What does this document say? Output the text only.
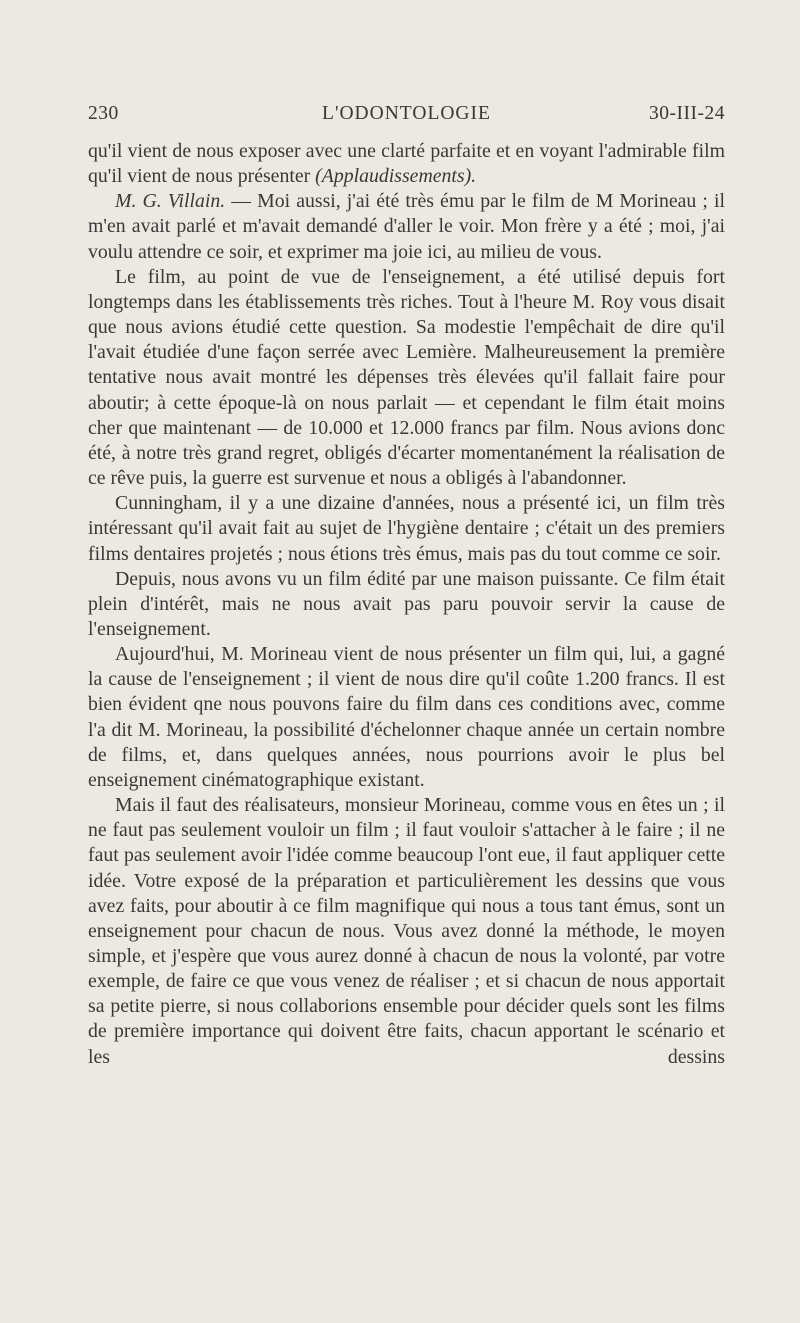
230	L'ODONTOLOGIE	30-III-24

qu'il vient de nous exposer avec une clarté parfaite et en voyant l'admirable film qu'il vient de nous présenter (Applaudissements).

M. G. Villain. — Moi aussi, j'ai été très ému par le film de M Morineau ; il m'en avait parlé et m'avait demandé d'aller le voir. Mon frère y a été ; moi, j'ai voulu attendre ce soir, et exprimer ma joie ici, au milieu de vous.

Le film, au point de vue de l'enseignement, a été utilisé depuis fort longtemps dans les établissements très riches. Tout à l'heure M. Roy vous disait que nous avions étudié cette question. Sa modestie l'empêchait de dire qu'il l'avait étudiée d'une façon serrée avec Lemière. Malheureusement la première tentative nous avait montré les dépenses très élevées qu'il fallait faire pour aboutir; à cette époque-là on nous parlait — et cependant le film était moins cher que maintenant — de 10.000 et 12.000 francs par film. Nous avions donc été, à notre très grand regret, obligés d'écarter momentanément la réalisation de ce rêve puis, la guerre est survenue et nous a obligés à l'abandonner.

Cunningham, il y a une dizaine d'années, nous a présenté ici, un film très intéressant qu'il avait fait au sujet de l'hygiène dentaire ; c'était un des premiers films dentaires projetés ; nous étions très émus, mais pas du tout comme ce soir.

Depuis, nous avons vu un film édité par une maison puissante. Ce film était plein d'intérêt, mais ne nous avait pas paru pouvoir servir la cause de l'enseignement.

Aujourd'hui, M. Morineau vient de nous présenter un film qui, lui, a gagné la cause de l'enseignement ; il vient de nous dire qu'il coûte 1.200 francs. Il est bien évident qne nous pouvons faire du film dans ces conditions avec, comme l'a dit M. Morineau, la possibilité d'échelonner chaque année un certain nombre de films, et, dans quelques années, nous pourrions avoir le plus bel enseignement cinématographique existant.

Mais il faut des réalisateurs, monsieur Morineau, comme vous en êtes un ; il ne faut pas seulement vouloir un film ; il faut vouloir s'attacher à le faire ; il ne faut pas seulement avoir l'idée comme beaucoup l'ont eue, il faut appliquer cette idée. Votre exposé de la préparation et particulièrement les dessins que vous avez faits, pour aboutir à ce film magnifique qui nous a tous tant émus, sont un enseignement pour chacun de nous. Vous avez donné la méthode, le moyen simple, et j'espère que vous aurez donné à chacun de nous la volonté, par votre exemple, de faire ce que vous venez de réaliser ; et si chacun de nous apportait sa petite pierre, si nous collaborions ensemble pour décider quels sont les films de première importance qui doivent être faits, chacun apportant le scénario et les dessins
